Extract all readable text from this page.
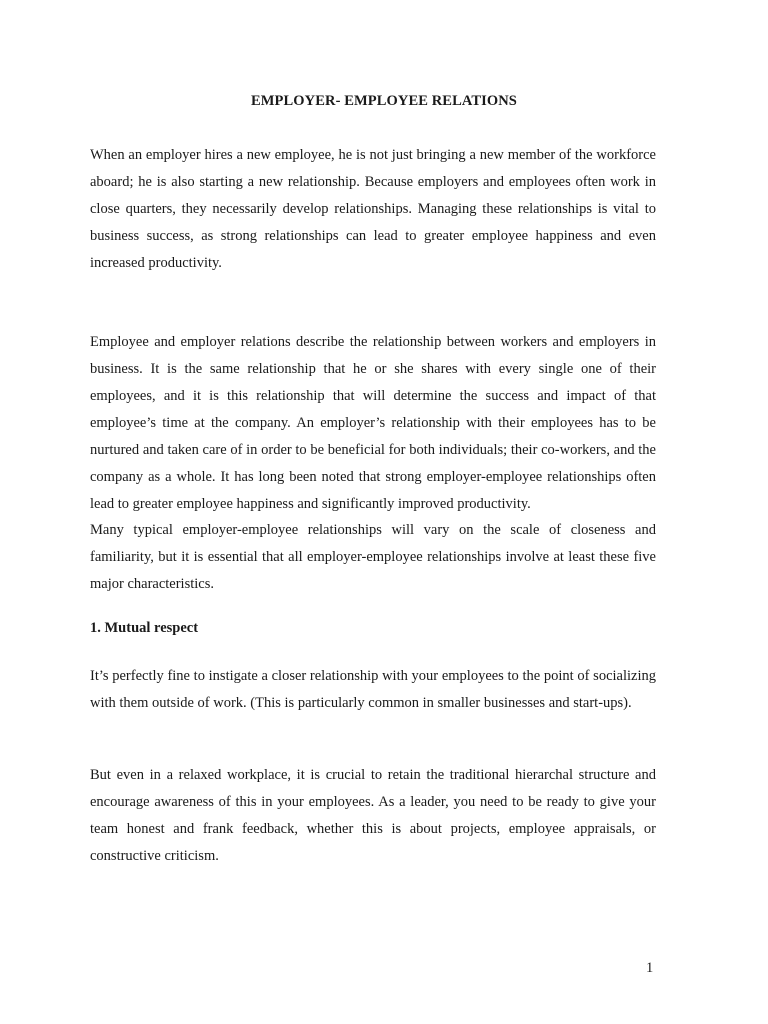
EMPLOYER- EMPLOYEE RELATIONS

When an employer hires a new employee, he is not just bringing a new member of the workforce aboard; he is also starting a new relationship. Because employers and employees often work in close quarters, they necessarily develop relationships. Managing these relationships is vital to business success, as strong relationships can lead to greater employee happiness and even increased productivity.

Employee and employer relations describe the relationship between workers and employers in business. It is the same relationship that he or she shares with every single one of their employees, and it is this relationship that will determine the success and impact of that employee’s time at the company. An employer’s relationship with their employees has to be nurtured and taken care of in order to be beneficial for both individuals; their co-workers, and the company as a whole. It has long been noted that strong employer-employee relationships often lead to greater employee happiness and significantly improved productivity.

Many typical employer-employee relationships will vary on the scale of closeness and familiarity, but it is essential that all employer-employee relationships involve at least these five major characteristics.

1. Mutual respect

It’s perfectly fine to instigate a closer relationship with your employees to the point of socializing with them outside of work. (This is particularly common in smaller businesses and start-ups).

But even in a relaxed workplace, it is crucial to retain the traditional hierarchal structure and encourage awareness of this in your employees. As a leader, you need to be ready to give your team honest and frank feedback, whether this is about projects, employee appraisals, or constructive criticism.

1
